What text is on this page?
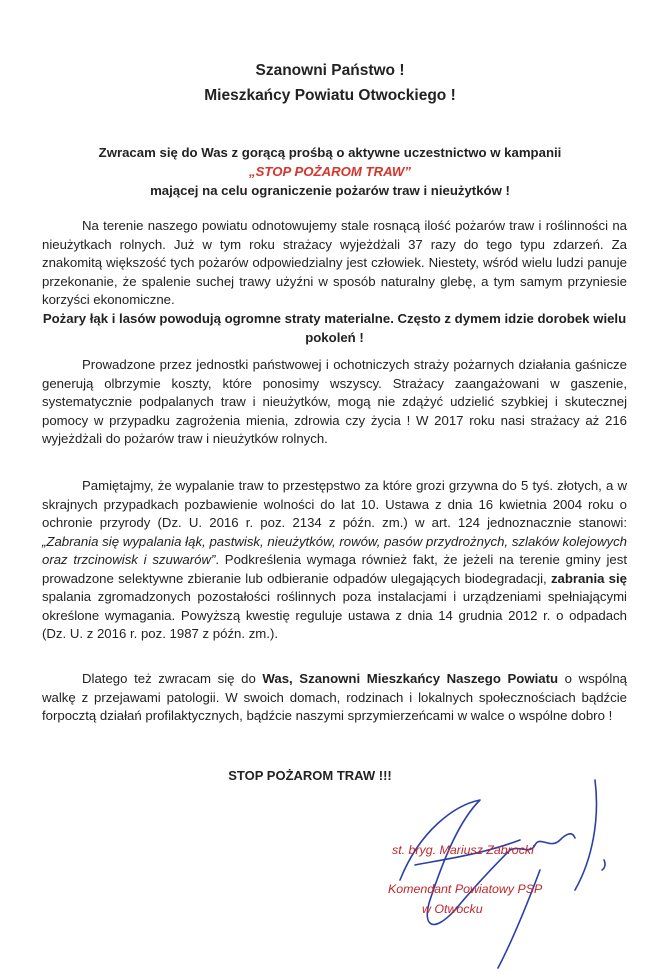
Szanowni Państwo !
Mieszkańcy Powiatu Otwockiego !
Zwracam się do Was z gorącą prośbą o aktywne uczestnictwo w kampanii
„STOP POŻAROM TRAW”
mającej na celu ograniczenie pożarów traw i nieużytków !
Na terenie naszego powiatu odnotowujemy stale rosnącą ilość pożarów traw i roślinności na nieużytkach rolnych. Już w tym roku strażacy wyjeżdżali 37 razy do tego typu zdarzeń. Za znakomitą większość tych pożarów odpowiedzialny jest człowiek. Niestety, wśród wielu ludzi panuje przekonanie, że spalenie suchej trawy użyźni w sposób naturalny glebę, a tym samym przyniesie korzyści ekonomiczne.
Pożary łąk i lasów powodują ogromne straty materialne. Często z dymem idzie dorobek wielu pokoleń !
Prowadzone przez jednostki państwowej i ochotniczych straży pożarnych działania gaśnicze generują olbrzymie koszty, które ponosimy wszyscy. Strażacy zaangażowani w gaszenie, systematycznie podpalanych traw i nieużytków, mogą nie zdążyć udzielić szybkiej i skutecznej pomocy w przypadku zagrożenia mienia, zdrowia czy życia ! W 2017 roku nasi strażacy aż 216 wyjeżdżali do pożarów traw i nieużytków rolnych.
Pamiętajmy, że wypalanie traw to przestępstwo za które grozi grzywna do 5 tyś. złotych, a w skrajnych przypadkach pozbawienie wolności do lat 10. Ustawa z dnia 16 kwietnia 2004 roku o ochronie przyrody (Dz. U. 2016 r. poz. 2134 z późn. zm.) w art. 124 jednoznacznie stanowi: „Zabrania się wypalania łąk, pastwisk, nieużytków, rowów, pasów przydrożnych, szlaków kolejowych oraz trzcinowisk i szuwarów”. Podkreślenia wymaga również fakt, że jeżeli na terenie gminy jest prowadzone selektywne zbieranie lub odbieranie odpadów ulegających biodegradacji, zabrania się spalania zgromadzonych pozostałości roślinnych poza instalacjami i urządzeniami spełniającymi określone wymagania. Powyższą kwestię reguluje ustawa z dnia 14 grudnia 2012 r. o odpadach (Dz. U. z 2016 r. poz. 1987 z późn. zm.).
Dlatego też zwracam się do Was, Szanowni Mieszkańcy Naszego Powiatu o wspólną walkę z przejawami patologii. W swoich domach, rodzinach i lokalnych społecznościach bądźcie forpocztą działań profilaktycznych, bądźcie naszymi sprzymierzeńcami w walce o wspólne dobro !
STOP POŻAROM TRAW !!!
st. bryg. Mariusz Zabrocki
Komendant Powiatowy PSP
w Otwocku
